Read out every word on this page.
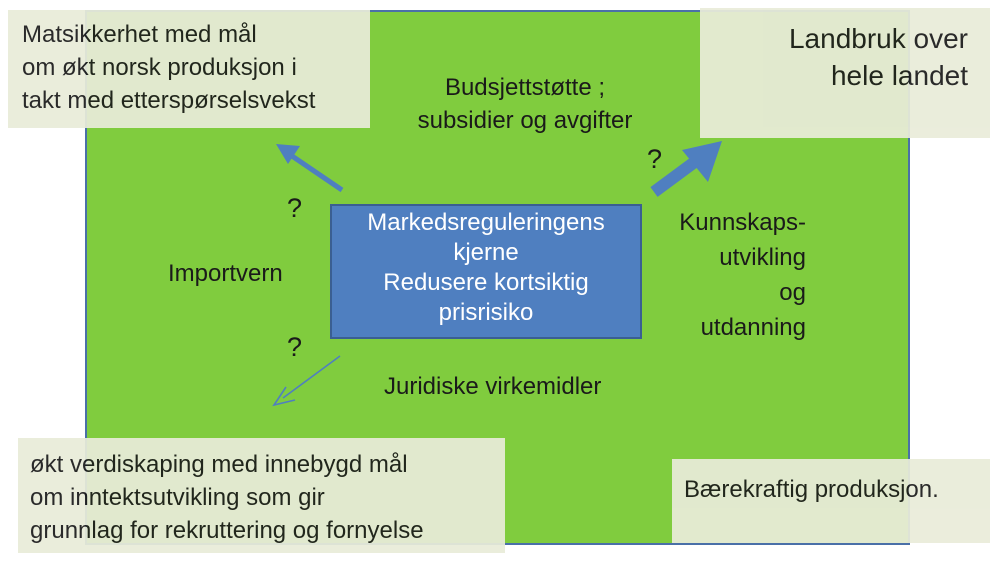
Matsikkerhet med mål
om økt norsk produksjon i
takt med etterspørselsvekst
Landbruk over
hele landet
økt verdiskaping med innebygd mål
om inntektsutvikling som gir
grunnlag for rekruttering og fornyelse
Bærekraftig produksjon.
Markedsreguleringens
kjerne
Redusere kortsiktig
prisrisiko
Budsjettstøtte ;
subsidier og avgifter
Importvern
Juridiske virkemidler
Kunnskaps-
utvikling
og
utdanning
?
?
?
